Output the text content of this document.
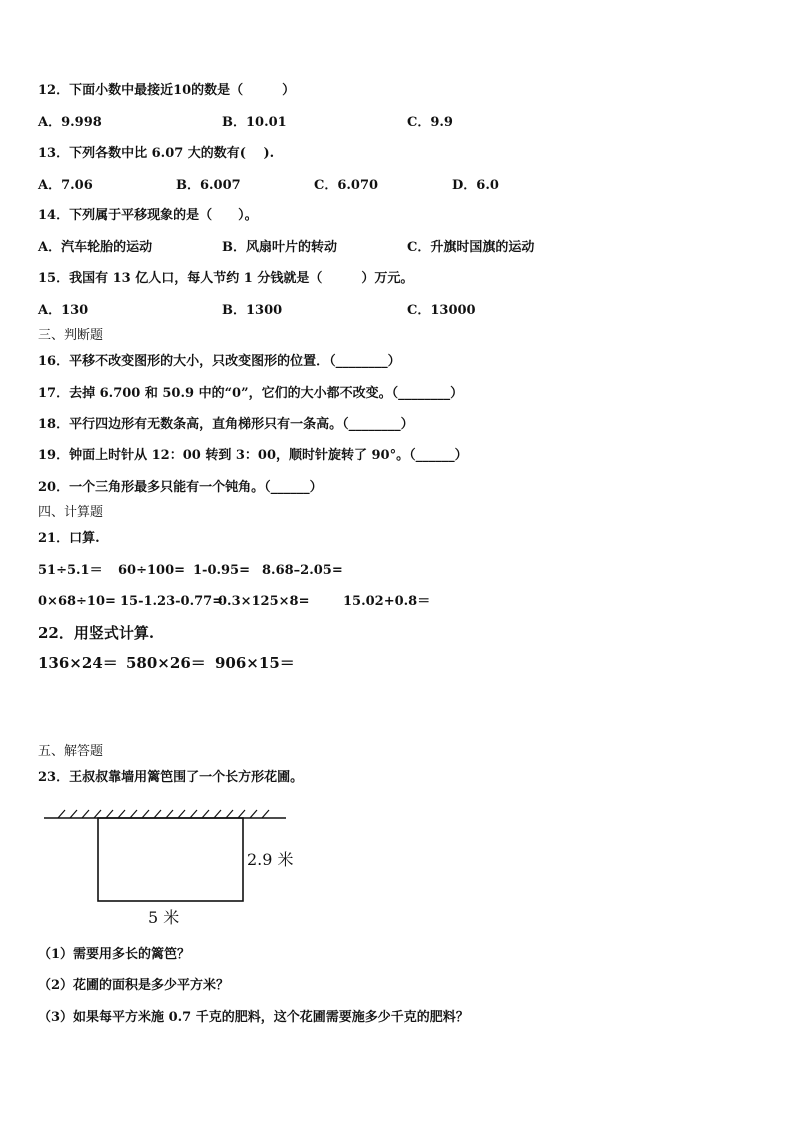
12．下面小数中最接近10的数是（　　　）
A．9.998	B．10.01	C．9.9
13．下列各数中比 6.07 大的数有(　 ).
A．7.06	B．6.007	C．6.070	D．6.0
14．下列属于平移现象的是（　　）。
A．汽车轮胎的运动	B．风扇叶片的转动	C．升旗时国旗的运动
15．我国有 13 亿人口，每人节约 1 分钱就是（　　　）万元。
A．130	B．1300	C．13000
三、判断题
16．平移不改变图形的大小，只改变图形的位置．（________）
17．去掉 6.700 和 50.9 中的“0”，它们的大小都不改变。（________）
18．平行四边形有无数条高，直角梯形只有一条高。（________）
19．钟面上时针从 12：00 转到 3：00，顺时针旋转了 90°。（______）
20．一个三角形最多只能有一个钝角。（______）
四、计算题
21．口算.
51÷5.1＝ 60÷100= 1-0.95= 8.68–2.05=
0×68÷10= 15-1.23-0.77=
0.3×125×8=	15.02+0.8＝
22．用竖式计算.
136×24＝ 580×26＝ 906×15＝
五、解答题
23．王叔叔靠墙用篱笆围了一个长方形花圃。
5 米
2.9 米
（1）需要用多长的篱笆？
（2）花圃的面积是多少平方米？
（3）如果每平方米施 0.7 千克的肥料，这个花圃需要施多少千克的肥料？
